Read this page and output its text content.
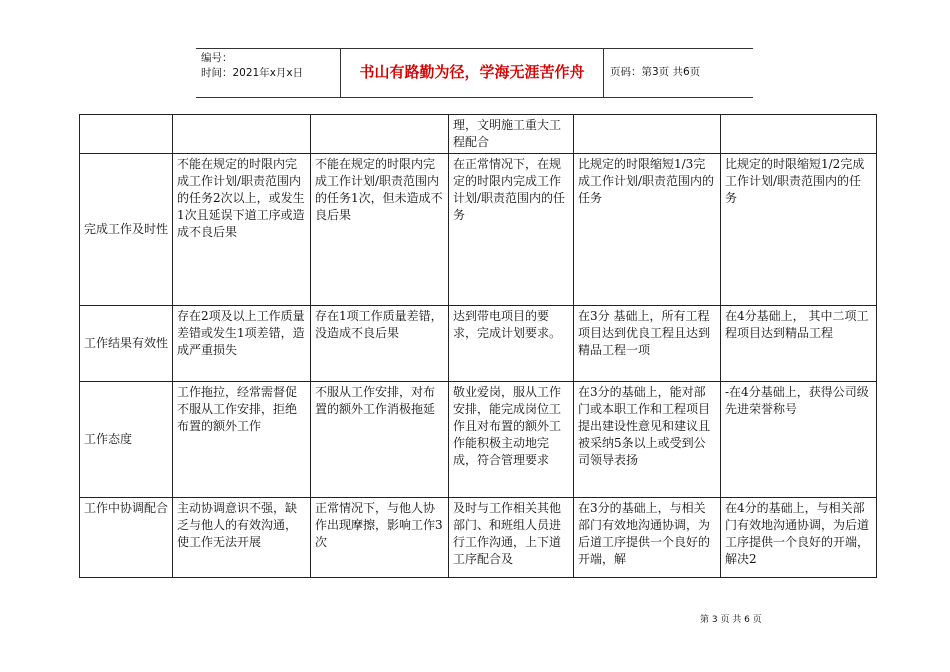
编号：
时间：2021年x月x日	书山有路勤为径，学海无涯苦作舟	页码：第3页 共6页
			理，文明施工重大工程配合		
完成工作及时性	不能在规定的时限内完成工作计划/职责范围内的任务2次以上，或发生1次且延误下道工序或造成不良后果	不能在规定的时限内完成工作计划/职责范围内的任务1次，但未造成不良后果	在正常情况下，在规定的时限内完成工作计划/职责范围内的任务	比规定的时限缩短1/3完成工作计划/职责范围内的任务	比规定的时限缩短1/2完成工作计划/职责范围内的任务
工作结果有效性	存在2项及以上工作质量差错或发生1项差错，造成严重损失	存在1项工作质量差错，没造成不良后果	达到带电项目的要求，完成计划要求。	在3分 基础上，所有工程项目达到优良工程且达到精品工程一项	在4分基础上， 其中二项工程项目达到精品工程
工作态度	工作拖拉，经常需督促不服从工作安排，拒绝布置的额外工作	不服从工作安排，对布置的额外工作消极拖延	敬业爱岗，服从工作安排，能完成岗位工作且对布置的额外工作能积极主动地完成，符合管理要求	在3分的基础上，能对部门或本职工作和工程项目提出建设性意见和建议且被采纳5条以上或受到公司领导表扬	-在4分基础上，获得公司级先进荣誉称号
工作中协调配合	主动协调意识不强，缺乏与他人的有效沟通，使工作无法开展	正常情况下，与他人协作出现摩擦，影响工作3次	及时与工作相关其他部门、和班组人员进行工作沟通，上下道工序配合及	在3分的基础上，与相关部门有效地沟通协调，为后道工序提供一个良好的开端，解	在4分的基础上，与相关部门有效地沟通协调，为后道工序提供一个良好的开端，解决2
第 3 页 共 6 页
